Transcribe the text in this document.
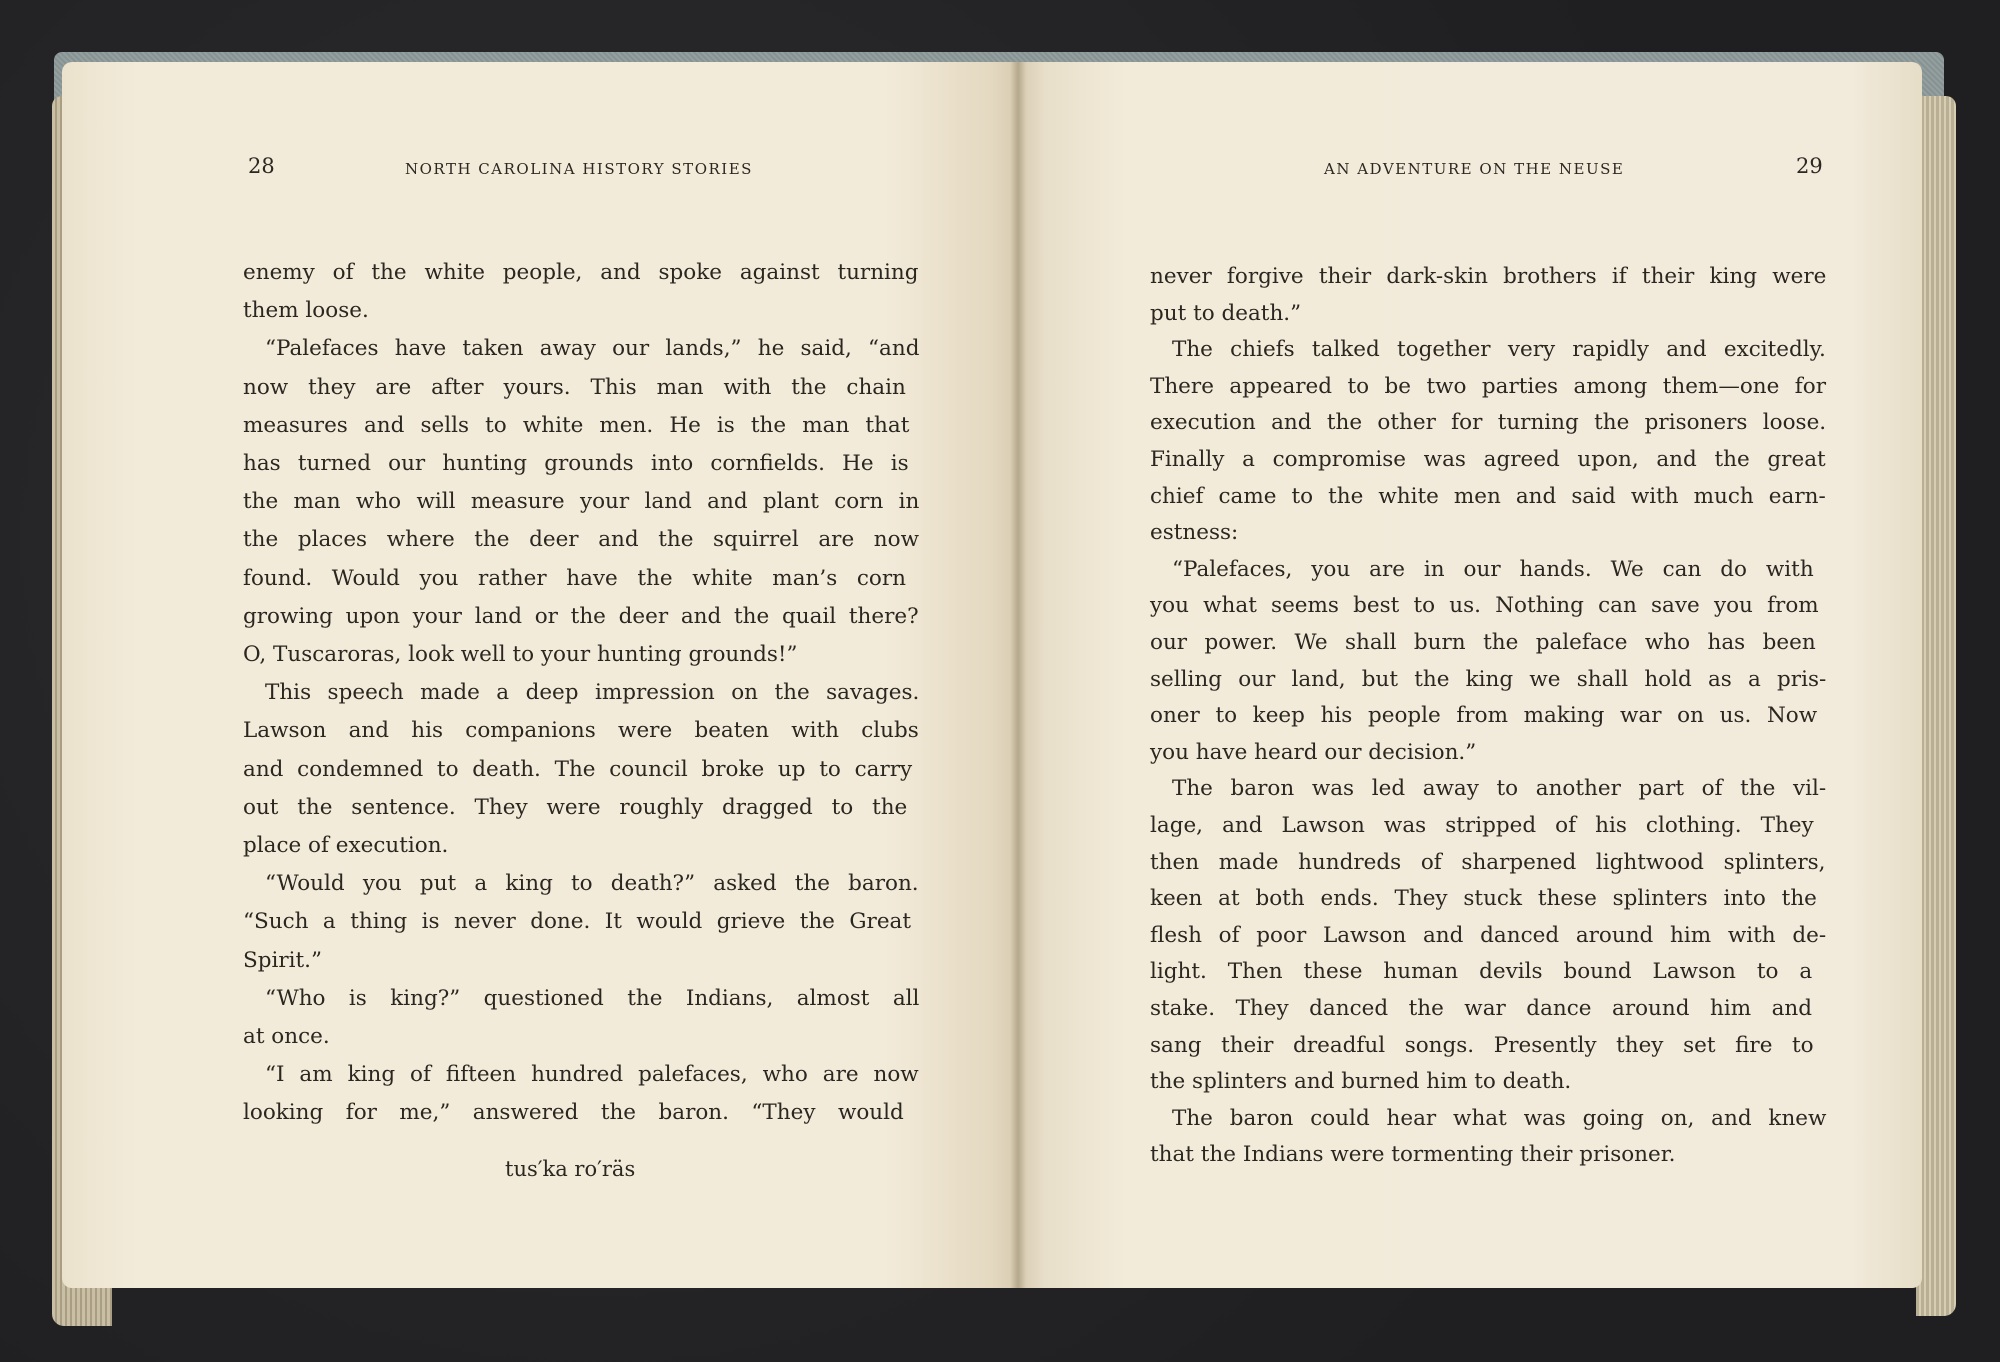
28	NORTH CAROLINA HISTORY STORIES	AN ADVENTURE ON THE NEUSE	29
enemy of the white people, and spoke against turning
them loose.
“Palefaces have taken away our lands,” he said, “and
now they are after yours. This man with the chain
measures and sells to white men. He is the man that
has turned our hunting grounds into cornfields. He is
the man who will measure your land and plant corn in
the places where the deer and the squirrel are now
found. Would you rather have the white man’s corn
growing upon your land or the deer and the quail there?
O, Tuscaroras, look well to your hunting grounds!”
This speech made a deep impression on the savages.
Lawson and his companions were beaten with clubs
and condemned to death. The council broke up to carry
out the sentence. They were roughly dragged to the
place of execution.
“Would you put a king to death?” asked the baron.
“Such a thing is never done. It would grieve the Great
Spirit.”
“Who is king?” questioned the Indians, almost all
at once.
“I am king of fifteen hundred palefaces, who are now
looking for me,” answered the baron. “They would
tus′ka ro′räs
never forgive their dark-skin brothers if their king were
put to death.”
The chiefs talked together very rapidly and excitedly.
There appeared to be two parties among them—one for
execution and the other for turning the prisoners loose.
Finally a compromise was agreed upon, and the great
chief came to the white men and said with much earn-
estness:
“Palefaces, you are in our hands. We can do with
you what seems best to us. Nothing can save you from
our power. We shall burn the paleface who has been
selling our land, but the king we shall hold as a pris-
oner to keep his people from making war on us. Now
you have heard our decision.”
The baron was led away to another part of the vil-
lage, and Lawson was stripped of his clothing. They
then made hundreds of sharpened lightwood splinters,
keen at both ends. They stuck these splinters into the
flesh of poor Lawson and danced around him with de-
light. Then these human devils bound Lawson to a
stake. They danced the war dance around him and
sang their dreadful songs. Presently they set fire to
the splinters and burned him to death.
The baron could hear what was going on, and knew
that the Indians were tormenting their prisoner.
